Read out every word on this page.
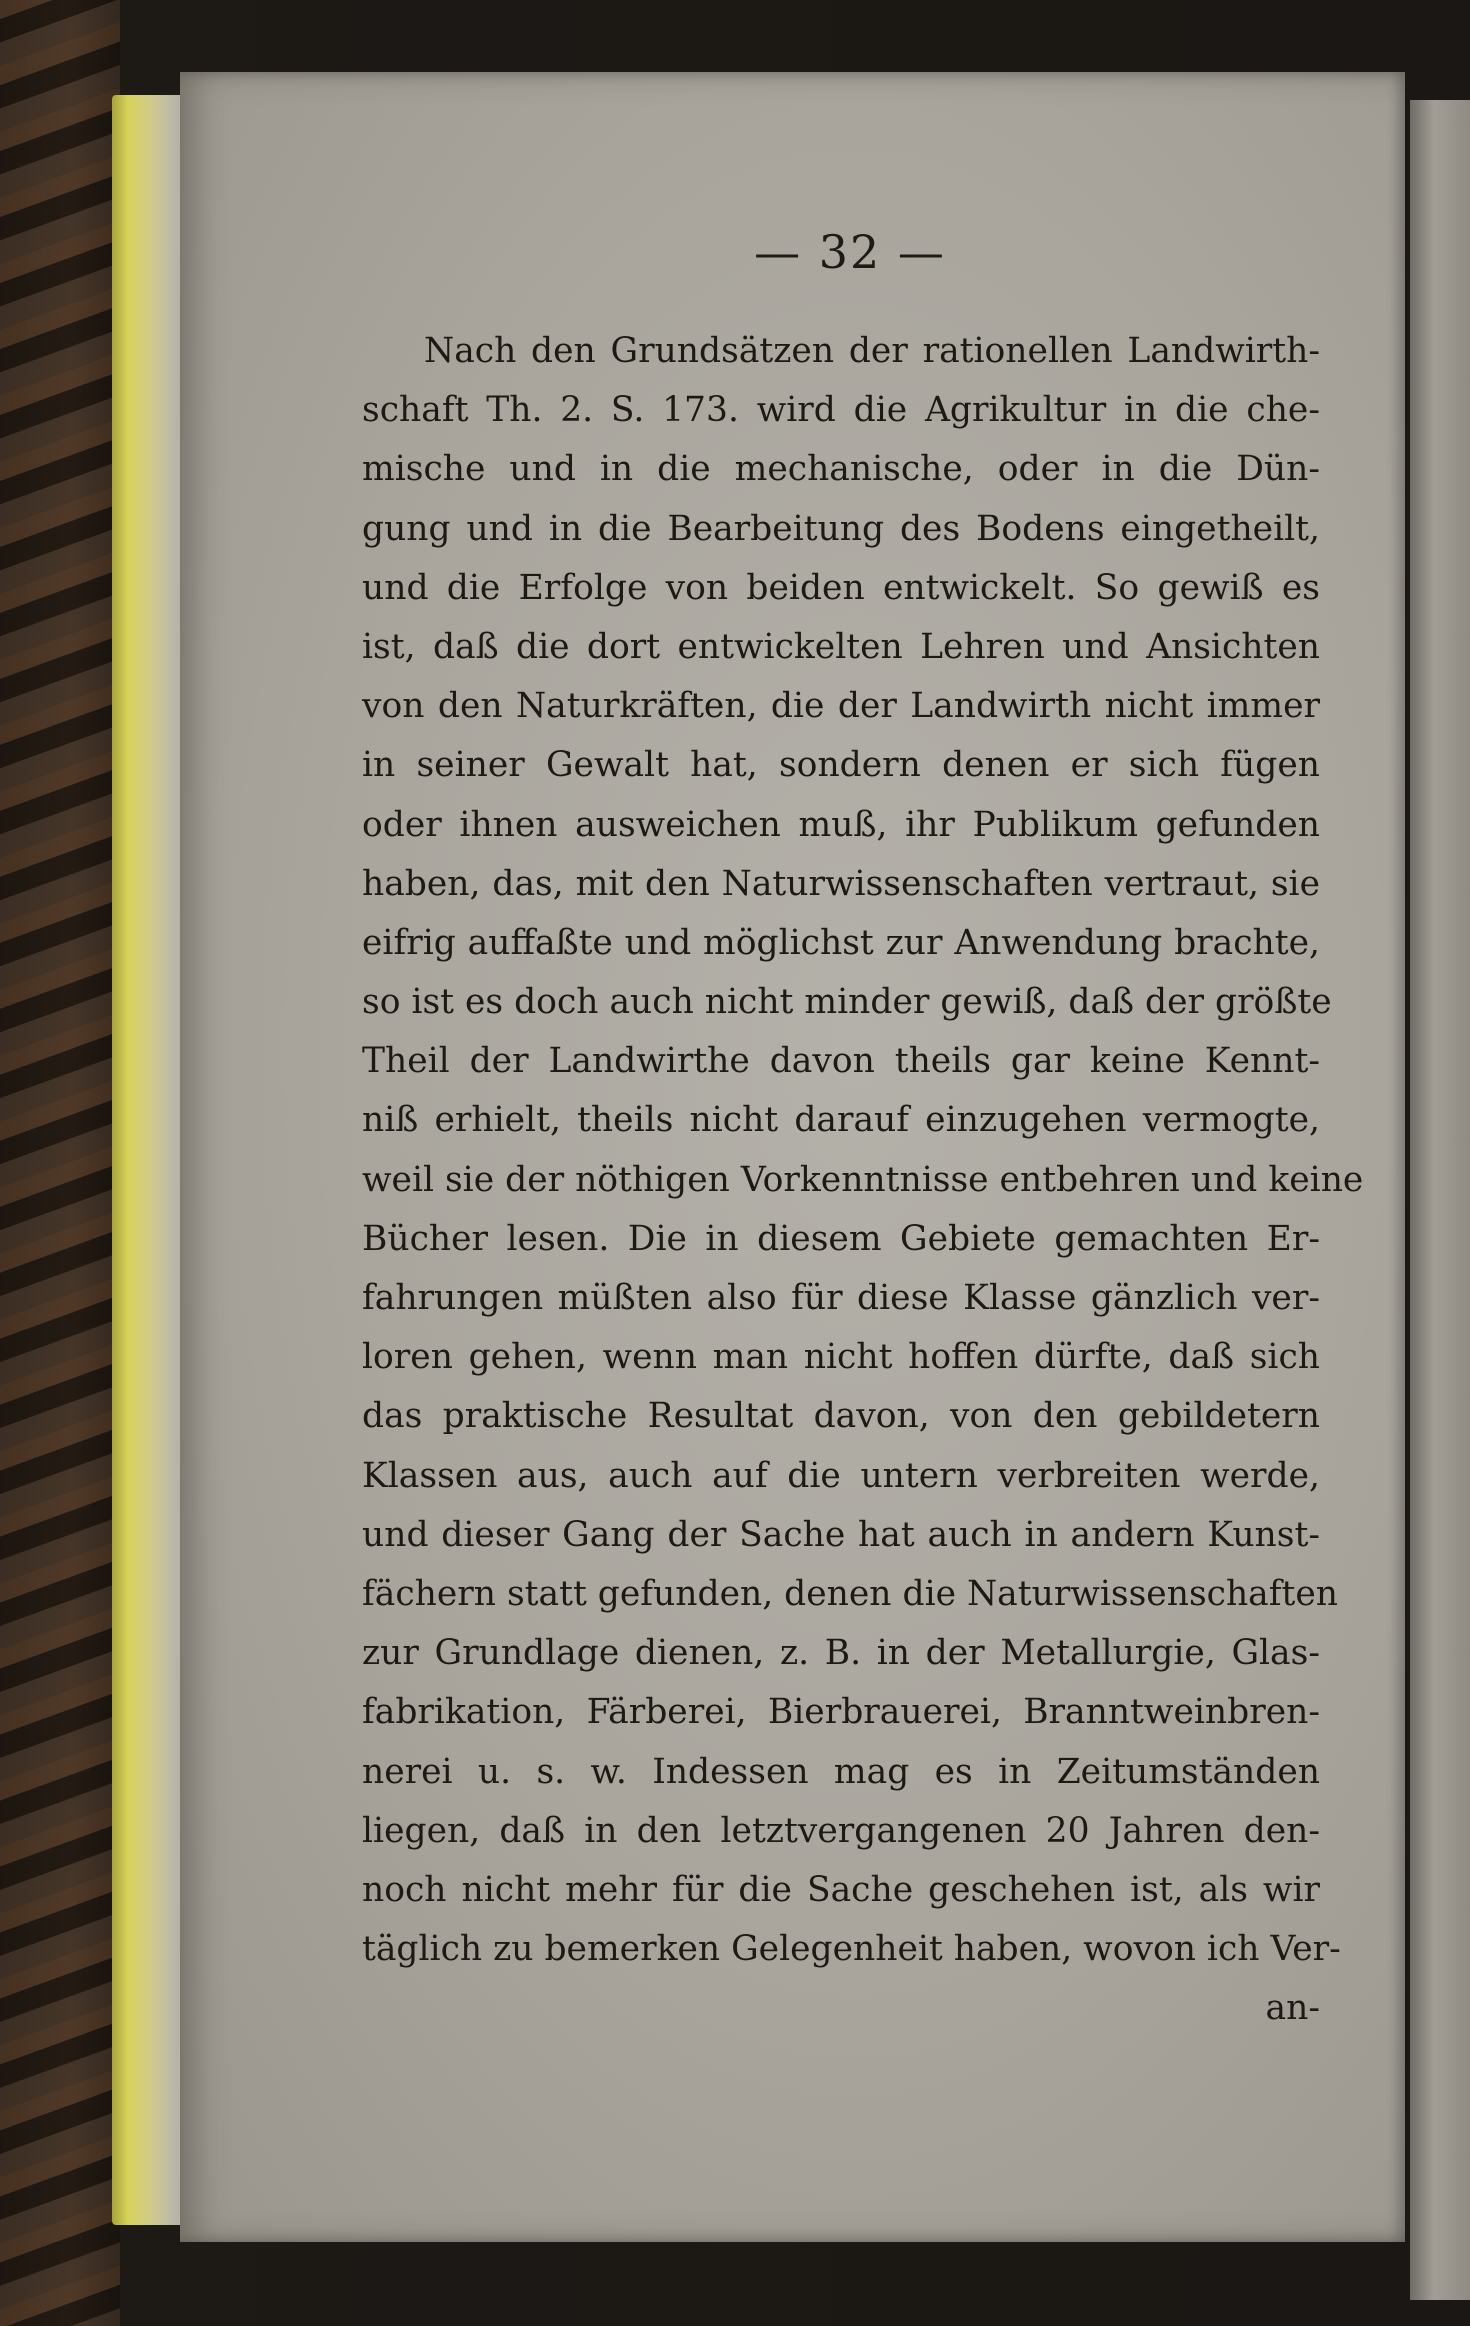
— 32 —
Nach den Grundsätzen der rationellen Landwirth-
schaft Th. 2. S. 173. wird die Agrikultur in die che-
mische und in die mechanische, oder in die Dün-
gung und in die Bearbeitung des Bodens eingetheilt,
und die Erfolge von beiden entwickelt. So gewiß es
ist, daß die dort entwickelten Lehren und Ansichten
von den Naturkräften, die der Landwirth nicht immer
in seiner Gewalt hat, sondern denen er sich fügen
oder ihnen ausweichen muß, ihr Publikum gefunden
haben, das, mit den Naturwissenschaften vertraut, sie
eifrig auffaßte und möglichst zur Anwendung brachte,
so ist es doch auch nicht minder gewiß, daß der größte
Theil der Landwirthe davon theils gar keine Kennt-
niß erhielt, theils nicht darauf einzugehen vermogte,
weil sie der nöthigen Vorkenntnisse entbehren und keine
Bücher lesen. Die in diesem Gebiete gemachten Er-
fahrungen müßten also für diese Klasse gänzlich ver-
loren gehen, wenn man nicht hoffen dürfte, daß sich
das praktische Resultat davon, von den gebildetern
Klassen aus, auch auf die untern verbreiten werde,
und dieser Gang der Sache hat auch in andern Kunst-
fächern statt gefunden, denen die Naturwissenschaften
zur Grundlage dienen, z. B. in der Metallurgie, Glas-
fabrikation, Färberei, Bierbrauerei, Branntweinbren-
nerei u. s. w. Indessen mag es in Zeitumständen
liegen, daß in den letztvergangenen 20 Jahren den-
noch nicht mehr für die Sache geschehen ist, als wir
täglich zu bemerken Gelegenheit haben, wovon ich Ver-
an-
